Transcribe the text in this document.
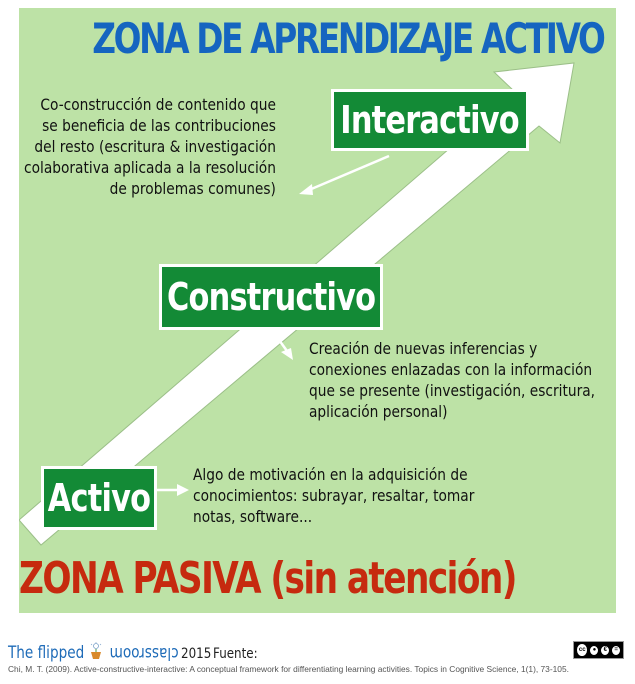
ZONA DE APRENDIZAJE ACTIVO
Interactivo
Co-construcción de contenido que
se beneficia de las contribuciones
del resto (escritura & investigación
colaborativa aplicada a la resolución
de problemas comunes)
Constructivo
Creación de nuevas inferencias y
conexiones enlazadas con la información
que se presente (investigación, escritura,
aplicación personal)
Activo
Algo de motivación en la adquisición de
conocimientos: subrayar, resaltar, tomar
notas, software...
ZONA PASIVA (sin atención)
The flipped classroom 2015 Fuente:
Chi, M. T. (2009). Active-constructive-interactive: A conceptual framework for differentiating learning activities. Topics in Cognitive Science, 1(1), 73-105.
cc	●	€	=
